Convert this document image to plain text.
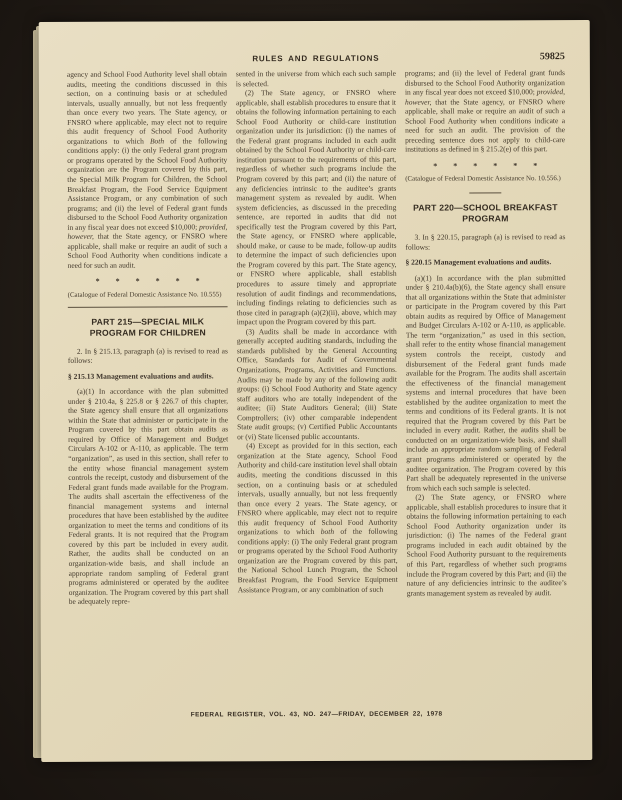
RULES AND REGULATIONS	59825
agency and School Food Authority level shall obtain audits, meeting the conditions discussed in this section, on a continuing basis or at scheduled intervals, usually annually, but not less frequently than once every two years. The State agency, or FNSRO where applicable, may elect not to require this audit frequency of School Food Authority organizations to which Both of the following conditions apply: (i) the only Federal grant program or programs operated by the School Food Authority organization are the Program covered by this part, the Special Milk Program for Children, the School Breakfast Program, the Food Service Equipment Assistance Program, or any combination of such programs; and (ii) the level of Federal grant funds disbursed to the School Food Authority organization in any fiscal year does not exceed $10,000; provided, however, that the State agency, or FNSRO where applicable, shall make or require an audit of such a School Food Authority when conditions indicate a need for such an audit.
* * * * * *
(Catalogue of Federal Domestic Assistance No. 10.555)
PART 215—SPECIAL MILK PROGRAM FOR CHILDREN
2. In § 215.13, paragraph (a) is revised to read as follows:
§ 215.13 Management evaluations and audits.
(a)(1) In accordance with the plan submitted under § 210.4a, § 225.8 or § 226.7 of this chapter, the State agency shall ensure that all organizations within the State that administer or participate in the Program covered by this part obtain audits as required by Office of Management and Budget Circulars A-102 or A-110, as applicable. The term “organization”, as used in this section, shall refer to the entity whose financial management system controls the receipt, custody and disbursement of the Federal grant funds made available for the Program. The audits shall ascertain the effectiveness of the financial management systems and internal procedures that have been established by the auditee organization to meet the terms and conditions of its Federal grants. It is not required that the Program covered by this part be included in every audit. Rather, the audits shall be conducted on an organization-wide basis, and shall include an appropriate random sampling of Federal grant programs administered or operated by the auditee organization. The Program covered by this part shall be adequately repre-
sented in the universe from which each such sample is selected.
(2) The State agency, or FNSRO where applicable, shall establish procedures to ensure that it obtains the following information pertaining to each School Food Authority or child-care institution organization under its jurisdiction: (i) the names of the Federal grant programs included in each audit obtained by the School Food Authority or child-care institution pursuant to the requirements of this part, regardless of whether such programs include the Program covered by this part; and (ii) the nature of any deficiencies intrinsic to the auditee’s grants management system as revealed by audit. When system deficiencies, as discussed in the preceding sentence, are reported in audits that did not specifically test the Program covered by this Part, the State agency, or FNSRO where applicable, should make, or cause to be made, follow-up audits to determine the impact of such deficiencies upon the Program covered by this part. The State agency, or FNSRO where applicable, shall establish procedures to assure timely and appropriate resolution of audit findings and recommendations, including findings relating to deficiencies such as those cited in paragraph (a)(2)(ii), above, which may impact upon the Program covered by this part.
(3) Audits shall be made in accordance with generally accepted auditing standards, including the standards published by the General Accounting Office, Standards for Audit of Governmental Organizations, Programs, Activities and Functions. Audits may be made by any of the following audit groups: (i) School Food Authority and State agency staff auditors who are totally independent of the auditee; (ii) State Auditors General; (iii) State Comptrollers; (iv) other comparable independent State audit groups; (v) Certified Public Accountants or (vi) State licensed public accountants.
(4) Except as provided for in this section, each organization at the State agency, School Food Authority and child-care institution level shall obtain audits, meeting the conditions discussed in this section, on a continuing basis or at scheduled intervals, usually annually, but not less frequently than once every 2 years. The State agency, or FNSRO where applicable, may elect not to require this audit frequency of School Food Authority organizations to which both of the following conditions apply: (i) The only Federal grant program or programs operated by the School Food Authority organization are the Program covered by this part, the National School Lunch Program, the School Breakfast Program, the Food Service Equipment Assistance Program, or any combination of such
programs; and (ii) the level of Federal grant funds disbursed to the School Food Authority organization in any fiscal year does not exceed $10,000; provided, however, that the State agency, or FNSRO where applicable, shall make or require an audit of such a School Food Authority when conditions indicate a need for such an audit. The provision of the preceding sentence does not apply to child-care institutions as defined in § 215.2(e) of this part.
* * * * * *
(Catalogue of Federal Domestic Assistance No. 10.556.)
PART 220—SCHOOL BREAKFAST PROGRAM
3. In § 220.15, paragraph (a) is revised to read as follows:
§ 220.15 Management evaluations and audits.
(a)(1) In accordance with the plan submitted under § 210.4a(b)(6), the State agency shall ensure that all organizations within the State that administer or participate in the Program covered by this Part obtain audits as required by Office of Management and Budget Circulars A-102 or A-110, as applicable. The term “organization,” as used in this section, shall refer to the entity whose financial management system controls the receipt, custody and disbursement of the Federal grant funds made available for the Program. The audits shall ascertain the effectiveness of the financial management systems and internal procedures that have been established by the auditee organization to meet the terms and conditions of its Federal grants. It is not required that the Program covered by this Part be included in every audit. Rather, the audits shall be conducted on an organization-wide basis, and shall include an appropriate random sampling of Federal grant programs administered or operated by the auditee organization. The Program covered by this Part shall be adequately represented in the universe from which each such sample is selected.
(2) The State agency, or FNSRO where applicable, shall establish procedures to insure that it obtains the following information pertaining to each School Food Authority organization under its jurisdiction: (i) The names of the Federal grant programs included in each audit obtained by the School Food Authority pursuant to the requirements of this Part, regardless of whether such programs include the Program covered by this Part; and (ii) the nature of any deficiencies intrinsic to the auditee’s grants management system as revealed by audit.
FEDERAL REGISTER, VOL. 43, NO. 247—FRIDAY, DECEMBER 22, 1978
